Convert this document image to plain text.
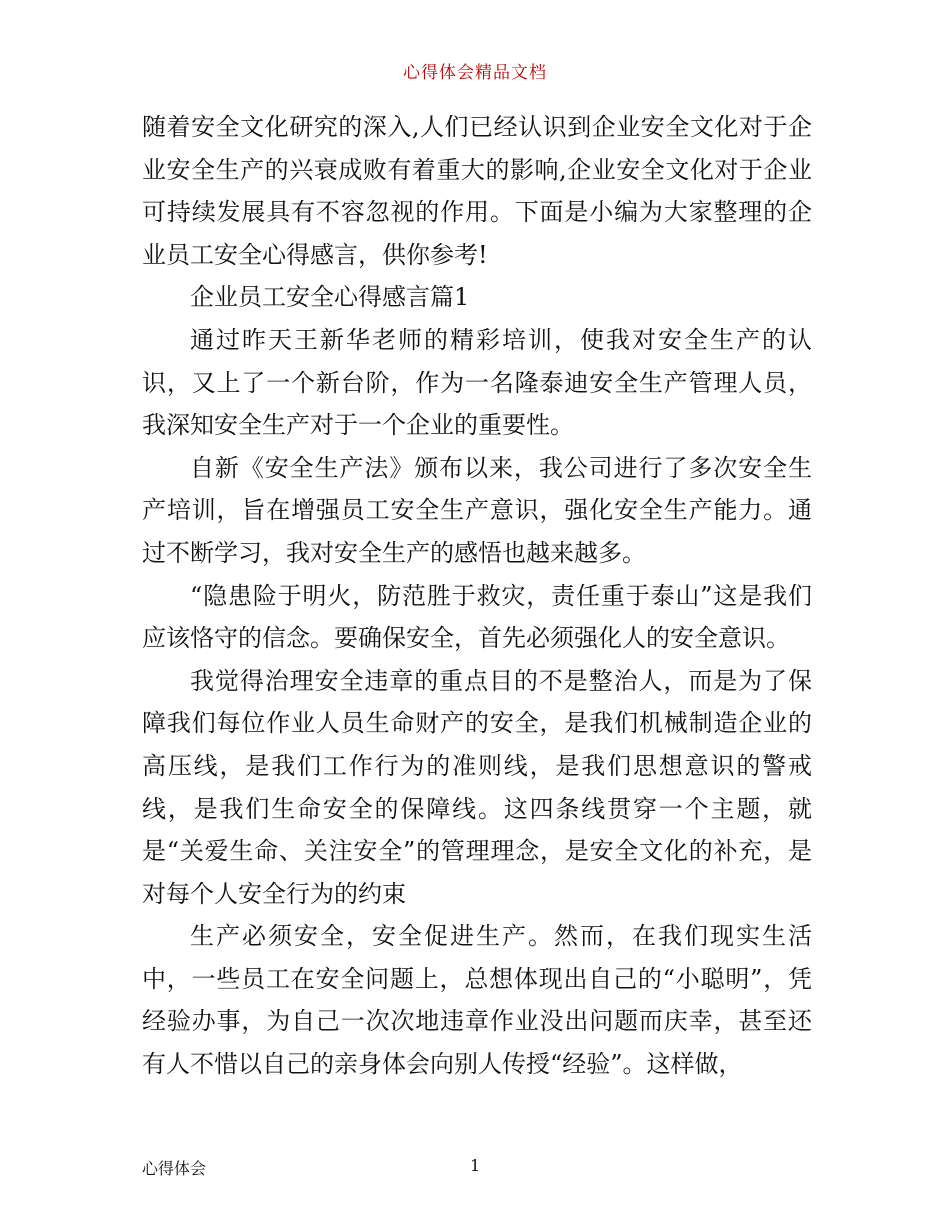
心得体会精品文档

随着安全文化研究的深入,人们已经认识到企业安全文化对于企业安全生产的兴衰成败有着重大的影响,企业安全文化对于企业可持续发展具有不容忽视的作用。下面是小编为大家整理的企业员工安全心得感言，供你参考!

企业员工安全心得感言篇1

通过昨天王新华老师的精彩培训，使我对安全生产的认识，又上了一个新台阶，作为一名隆泰迪安全生产管理人员，我深知安全生产对于一个企业的重要性。

自新《安全生产法》颁布以来，我公司进行了多次安全生产培训，旨在增强员工安全生产意识，强化安全生产能力。通过不断学习，我对安全生产的感悟也越来越多。

“隐患险于明火，防范胜于救灾，责任重于泰山”这是我们应该恪守的信念。要确保安全，首先必须强化人的安全意识。

我觉得治理安全违章的重点目的不是整治人，而是为了保障我们每位作业人员生命财产的安全，是我们机械制造企业的高压线，是我们工作行为的准则线，是我们思想意识的警戒线，是我们生命安全的保障线。这四条线贯穿一个主题，就是“关爱生命、关注安全”的管理理念，是安全文化的补充，是对每个人安全行为的约束

生产必须安全，安全促进生产。然而，在我们现实生活中，一些员工在安全问题上，总想体现出自己的“小聪明”，凭经验办事，为自己一次次地违章作业没出问题而庆幸，甚至还有人不惜以自己的亲身体会向别人传授“经验”。这样做，

心得体会	1
